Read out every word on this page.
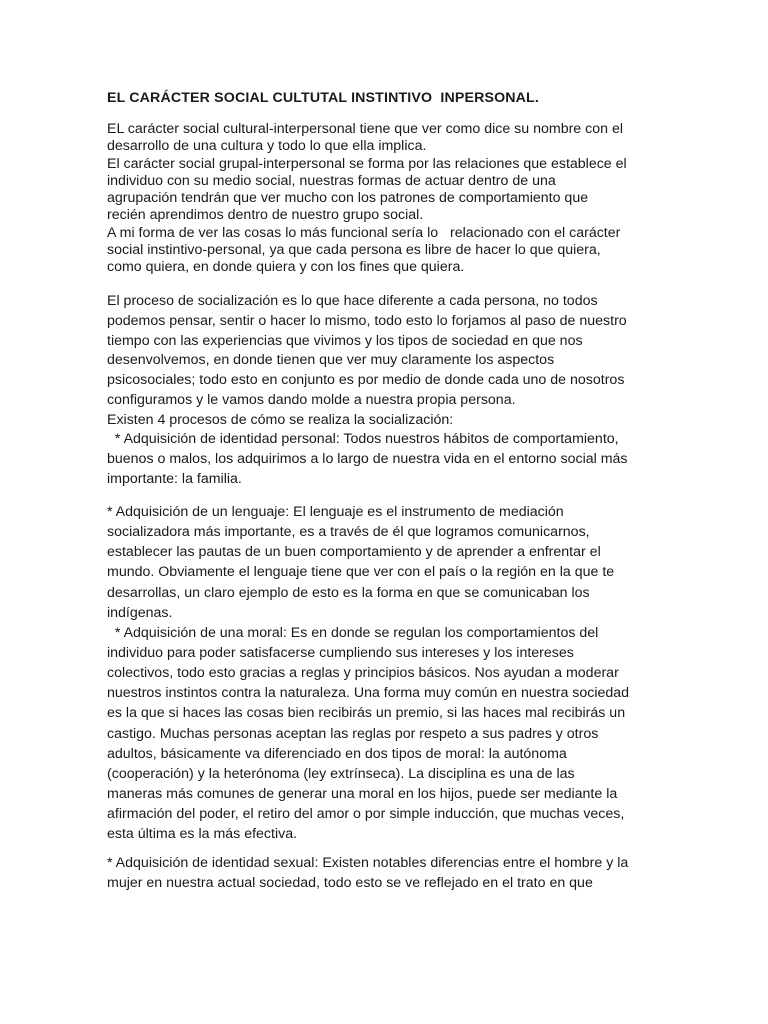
EL CARÁCTER SOCIAL CULTUTAL INSTINTIVO  INPERSONAL.
EL carácter social cultural-interpersonal tiene que ver como dice su nombre con el
desarrollo de una cultura y todo lo que ella implica.
El carácter social grupal-interpersonal se forma por las relaciones que establece el
individuo con su medio social, nuestras formas de actuar dentro de una
agrupación tendrán que ver mucho con los patrones de comportamiento que
recién aprendimos dentro de nuestro grupo social.
A mi forma de ver las cosas lo más funcional sería lo   relacionado con el carácter
social instintivo-personal, ya que cada persona es libre de hacer lo que quiera,
como quiera, en donde quiera y con los fines que quiera.
El proceso de socialización es lo que hace diferente a cada persona, no todos
podemos pensar, sentir o hacer lo mismo, todo esto lo forjamos al paso de nuestro
tiempo con las experiencias que vivimos y los tipos de sociedad en que nos
desenvolvemos, en donde tienen que ver muy claramente los aspectos
psicosociales; todo esto en conjunto es por medio de donde cada uno de nosotros
configuramos y le vamos dando molde a nuestra propia persona.
Existen 4 procesos de cómo se realiza la socialización:
* Adquisición de identidad personal: Todos nuestros hábitos de comportamiento,
buenos o malos, los adquirimos a lo largo de nuestra vida en el entorno social más
importante: la familia.
* Adquisición de un lenguaje: El lenguaje es el instrumento de mediación
socializadora más importante, es a través de él que logramos comunicarnos,
establecer las pautas de un buen comportamiento y de aprender a enfrentar el
mundo. Obviamente el lenguaje tiene que ver con el país o la región en la que te
desarrollas, un claro ejemplo de esto es la forma en que se comunicaban los
indígenas.
* Adquisición de una moral: Es en donde se regulan los comportamientos del
individuo para poder satisfacerse cumpliendo sus intereses y los intereses
colectivos, todo esto gracias a reglas y principios básicos. Nos ayudan a moderar
nuestros instintos contra la naturaleza. Una forma muy común en nuestra sociedad
es la que si haces las cosas bien recibirás un premio, si las haces mal recibirás un
castigo. Muchas personas aceptan las reglas por respeto a sus padres y otros
adultos, básicamente va diferenciado en dos tipos de moral: la autónoma
(cooperación) y la heterónoma (ley extrínseca). La disciplina es una de las
maneras más comunes de generar una moral en los hijos, puede ser mediante la
afirmación del poder, el retiro del amor o por simple inducción, que muchas veces,
esta última es la más efectiva.
* Adquisición de identidad sexual: Existen notables diferencias entre el hombre y la
mujer en nuestra actual sociedad, todo esto se ve reflejado en el trato en que
